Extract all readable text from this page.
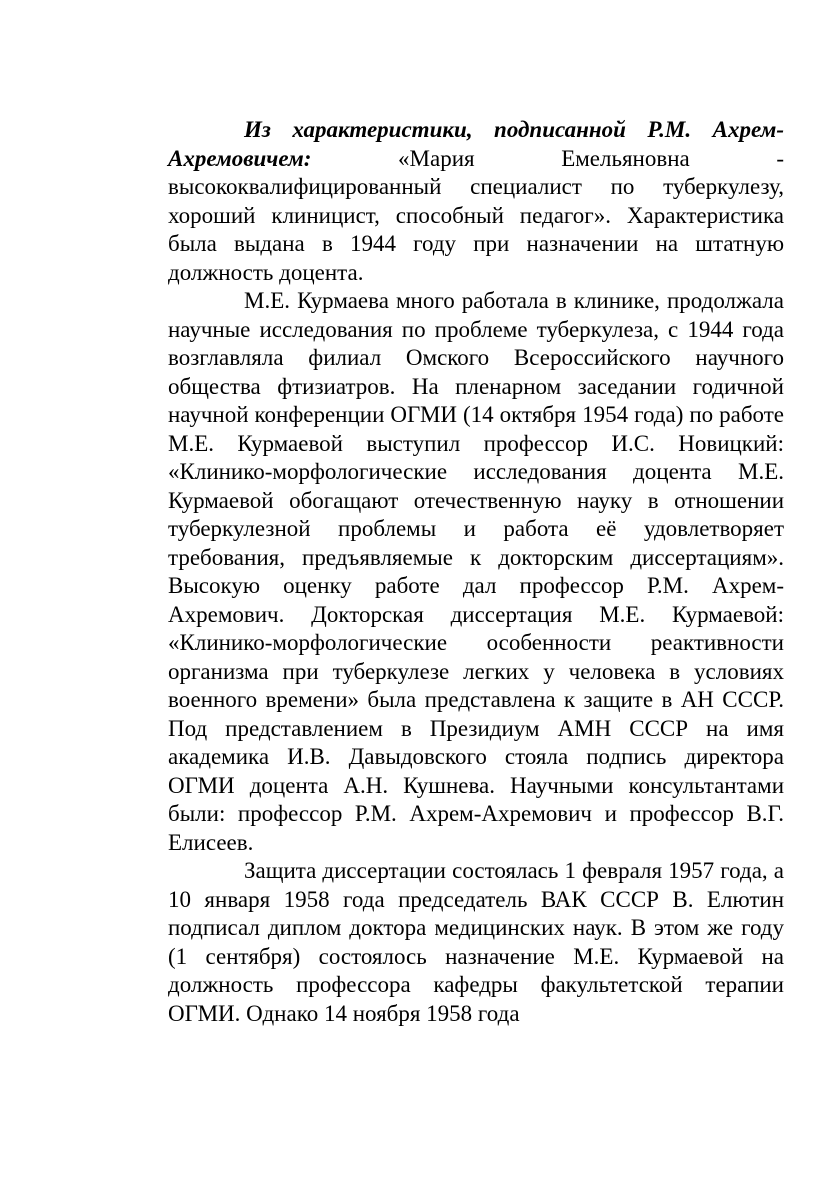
Из характеристики, подписанной Р.М. Ахрем-Ахремовичем: «Мария Емельяновна - высококвалифицированный специалист по туберкулезу, хороший клиницист, способный педагог». Характеристика была выдана в 1944 году при назначении на штатную должность доцента.

М.Е. Курмаева много работала в клинике, продолжала научные исследования по проблеме туберкулеза, с 1944 года возглавляла филиал Омского Всероссийского научного общества фтизиатров. На пленарном заседании годичной научной конференции ОГМИ (14 октября 1954 года) по работе М.Е. Курмаевой выступил профессор И.С. Новицкий: «Клинико-морфологические исследования доцента М.Е. Курмаевой обогащают отечественную науку в отношении туберкулезной проблемы и работа её удовлетворяет требования, предъявляемые к докторским диссертациям». Высокую оценку работе дал профессор Р.М. Ахрем-Ахремович. Докторская диссертация М.Е. Курмаевой: «Клинико-морфологические особенности реактивности организма при туберкулезе легких у человека в условиях военного времени» была представлена к защите в АН СССР. Под представлением в Президиум АМН СССР на имя академика И.В. Давыдовского стояла подпись директора ОГМИ доцента А.Н. Кушнева. Научными консультантами были: профессор Р.М. Ахрем-Ахремович и профессор В.Г. Елисеев.

Защита диссертации состоялась 1 февраля 1957 года, а 10 января 1958 года председатель ВАК СССР В. Елютин подписал диплом доктора медицинских наук. В этом же году (1 сентября) состоялось назначение М.Е. Курмаевой на должность профессора кафедры факультетской терапии ОГМИ. Однако 14 ноября 1958 года
